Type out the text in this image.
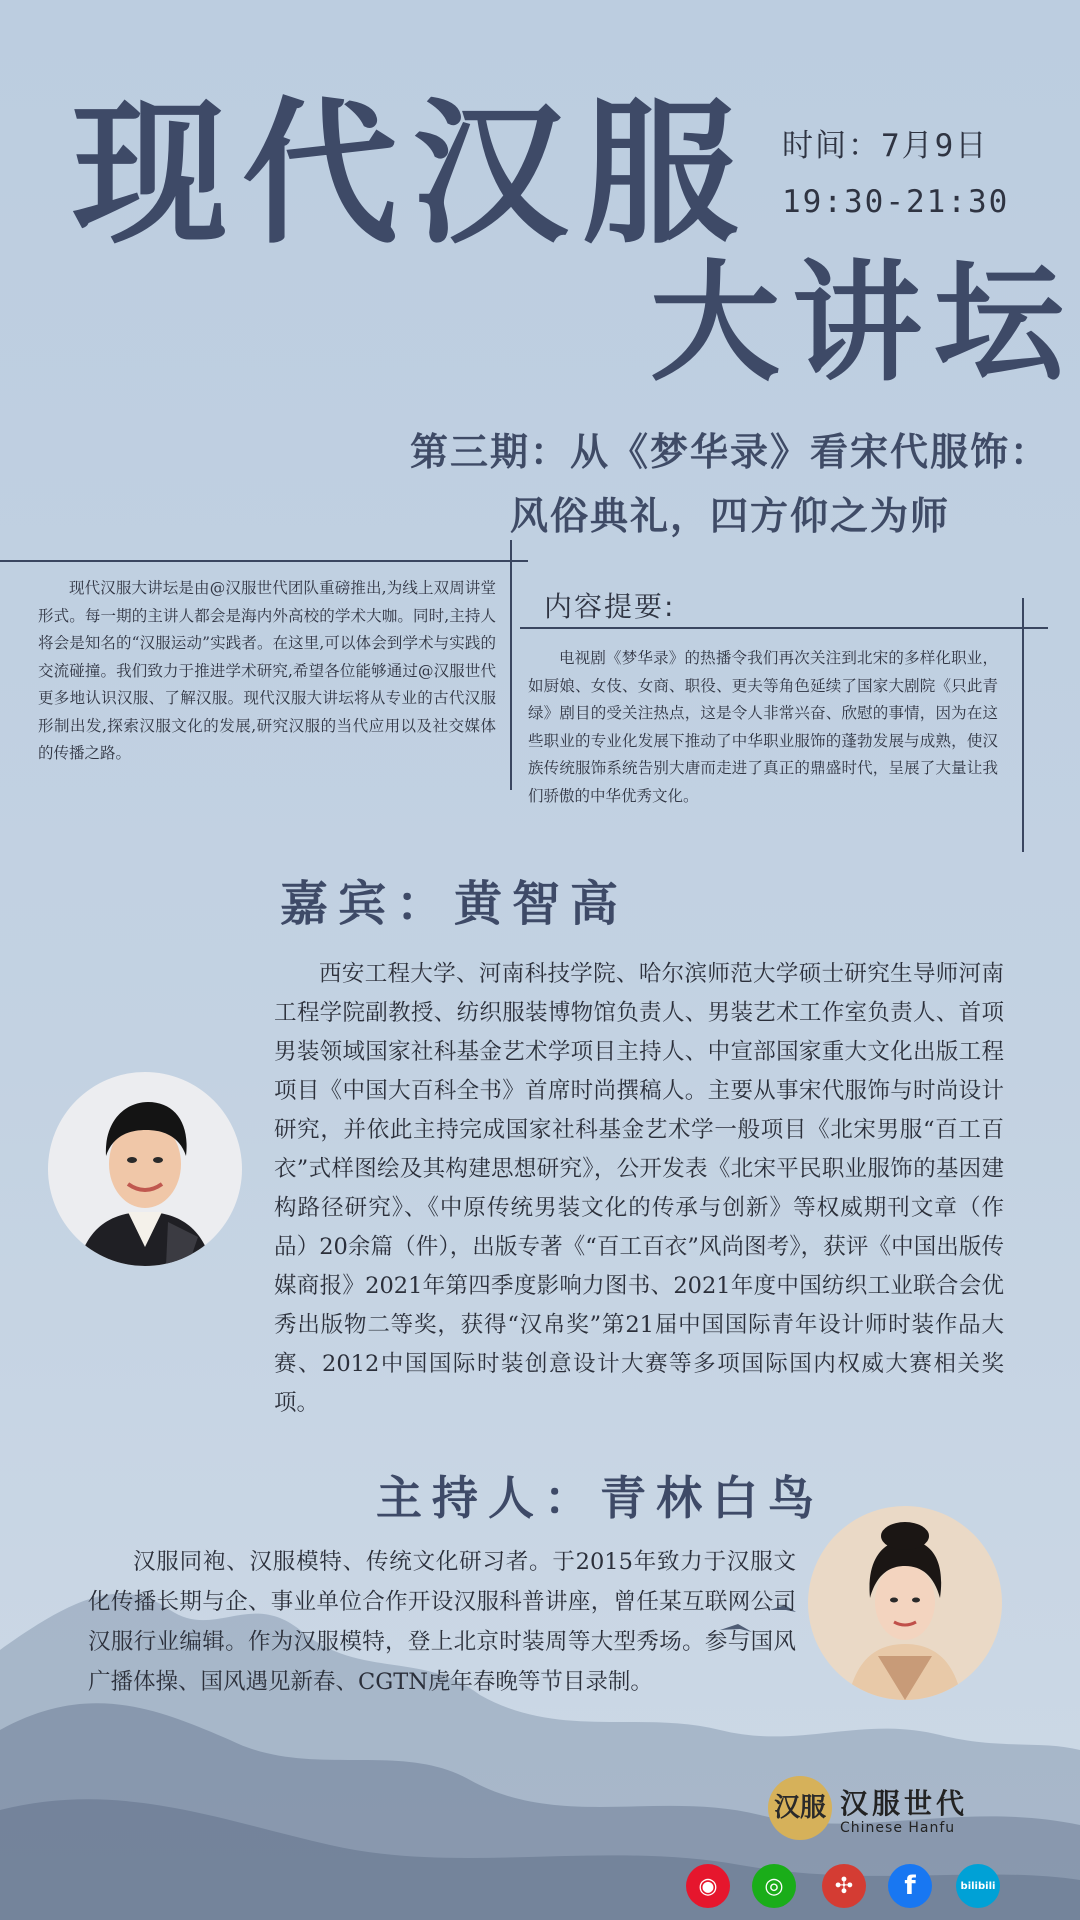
现代汉服
大讲坛
时间：7月9日
19:30-21:30
第三期：从《梦华录》看宋代服饰：
风俗典礼，四方仰之为师
现代汉服大讲坛是由@汉服世代团队重磅推出,为线上双周讲堂形式。每一期的主讲人都会是海内外高校的学术大咖。同时,主持人将会是知名的“汉服运动”实践者。在这里,可以体会到学术与实践的交流碰撞。我们致力于推进学术研究,希望各位能够通过@汉服世代更多地认识汉服、了解汉服。现代汉服大讲坛将从专业的古代汉服形制出发,探索汉服文化的发展,研究汉服的当代应用以及社交媒体的传播之路。
内容提要:
电视剧《梦华录》的热播令我们再次关注到北宋的多样化职业，如厨娘、女伎、女商、职役、更夫等角色延续了国家大剧院《只此青绿》剧目的受关注热点，这是令人非常兴奋、欣慰的事情，因为在这些职业的专业化发展下推动了中华职业服饰的蓬勃发展与成熟，使汉族传统服饰系统告别大唐而走进了真正的鼎盛时代，呈展了大量让我们骄傲的中华优秀文化。
嘉宾：黄智高
西安工程大学、河南科技学院、哈尔滨师范大学硕士研究生导师河南工程学院副教授、纺织服装博物馆负责人、男装艺术工作室负责人、首项男装领域国家社科基金艺术学项目主持人、中宣部国家重大文化出版工程项目《中国大百科全书》首席时尚撰稿人。主要从事宋代服饰与时尚设计研究，并依此主持完成国家社科基金艺术学一般项目《北宋男服“百工百衣”式样图绘及其构建思想研究》，公开发表《北宋平民职业服饰的基因建构路径研究》、《中原传统男装文化的传承与创新》等权威期刊文章（作品）20余篇（件），出版专著《“百工百衣”风尚图考》，获评《中国出版传媒商报》2021年第四季度影响力图书、2021年度中国纺织工业联合会优秀出版物二等奖，获得“汉帛奖”第21届中国国际青年设计师时装作品大赛、2012中国国际时装创意设计大赛等多项国际国内权威大赛相关奖项。
主持人：青林白鸟
汉服同袍、汉服模特、传统文化研习者。于2015年致力于汉服文化传播长期与企、事业单位合作开设汉服科普讲座，曾任某互联网公司汉服行业编辑。作为汉服模特，登上北京时装周等大型秀场。参与国风广播体操、国风遇见新春、CGTN虎年春晚等节目录制。
汉服 汉服世代
Chinese Hanfu
◉ ◎ ✣ f	bilibili
